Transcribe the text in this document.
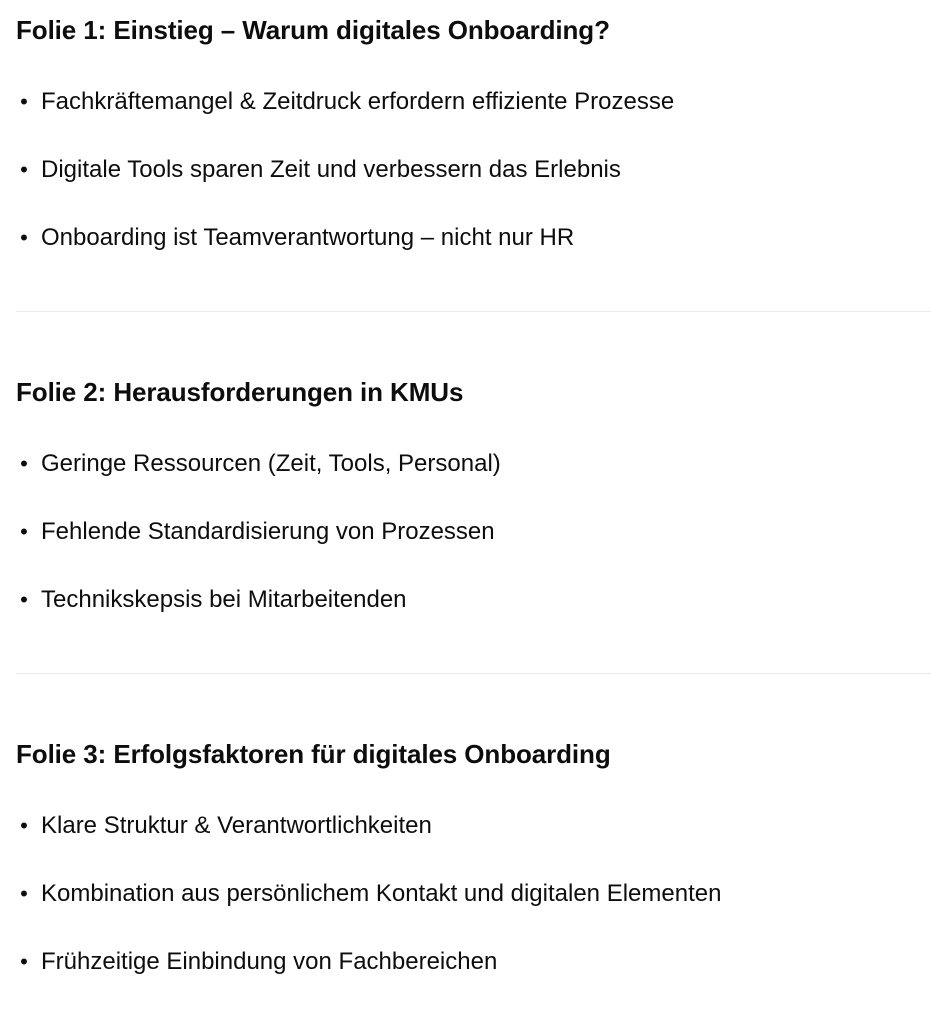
Folie 1: Einstieg – Warum digitales Onboarding?
• Fachkräftemangel & Zeitdruck erfordern effiziente Prozesse
• Digitale Tools sparen Zeit und verbessern das Erlebnis
• Onboarding ist Teamverantwortung – nicht nur HR
Folie 2: Herausforderungen in KMUs
• Geringe Ressourcen (Zeit, Tools, Personal)
• Fehlende Standardisierung von Prozessen
• Technikskepsis bei Mitarbeitenden
Folie 3: Erfolgsfaktoren für digitales Onboarding
• Klare Struktur & Verantwortlichkeiten
• Kombination aus persönlichem Kontakt und digitalen Elementen
• Frühzeitige Einbindung von Fachbereichen
